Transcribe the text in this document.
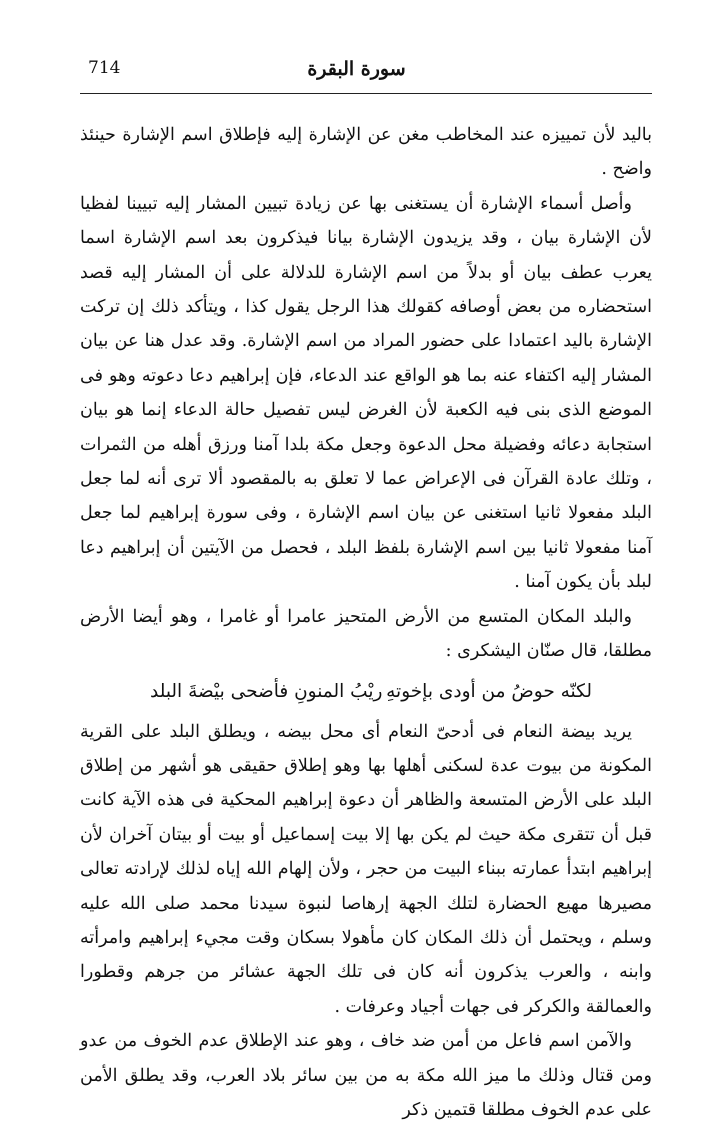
714	سورة البقرة

باليد لأن تمييزه عند المخاطب مغن عن الإشارة إليه فإطلاق اسم الإشارة حينئذ واضح .

وأصل أسماء الإشارة أن يستغنى بها عن زيادة تبيين المشار إليه تبيينا لفظيا لأن الإشارة بيان ، وقد يزيدون الإشارة بيانا فيذكرون بعد اسم الإشارة اسما يعرب عطف بيان أو بدلاً من اسم الإشارة للدلالة على أن المشار إليه قصد استحضاره من بعض أوصافه كقولك هذا الرجل يقول كذا ، ويتأكد ذلك إن تركت الإشارة باليد اعتمادا على حضور المراد من اسم الإشارة. وقد عدل هنا عن بيان المشار إليه اكتفاء عنه بما هو الواقع عند الدعاء، فإن إبراهيم دعا دعوته وهو فى الموضع الذى بنى فيه الكعبة لأن الغرض ليس تفصيل حالة الدعاء إنما هو بيان استجابة دعائه وفضيلة محل الدعوة وجعل مكة بلدا آمنا ورزق أهله من الثمرات ، وتلك عادة القرآن فى الإعراض عما لا تعلق به بالمقصود ألا ترى أنه لما جعل البلد مفعولا ثانيا استغنى عن بيان اسم الإشارة ، وفى سورة إبراهيم لما جعل آمنا مفعولا ثانيا بين اسم الإشارة بلفظ البلد ، فحصل من الآيتين أن إبراهيم دعا لبلد بأن يكون آمنا .

والبلد المكان المتسع من الأرض المتحيز عامرا أو غامرا ، وهو أيضا الأرض مطلقا، قال صنّان اليشكرى :

لكنّه حوضُ من أودى بإخوتهِ
ريْبُ المنونِ فأضحى بيْضةَ البلد

يريد بيضة النعام فى أدحىّ النعام أى محل بيضه ، ويطلق البلد على القرية المكونة من بيوت عدة لسكنى أهلها بها وهو إطلاق حقيقى هو أشهر من إطلاق البلد على الأرض المتسعة والظاهر أن دعوة إبراهيم المحكية فى هذه الآية كانت قبل أن تتقرى مكة حيث لم يكن بها إلا بيت إسماعيل أو بيت أو بيتان آخران لأن إبراهيم ابتدأ عمارته ببناء البيت من حجر ، ولأن إلهام الله إياه لذلك لإرادته تعالى مصيرها مهيع الحضارة لتلك الجهة إرهاصا لنبوة سيدنا محمد صلى الله عليه وسلم ، ويحتمل أن ذلك المكان كان مأهولا بسكان وقت مجيء إبراهيم وامرأته وابنه ، والعرب يذكرون أنه كان فى تلك الجهة عشائر من جرهم وقطورا والعمالقة والكركر فى جهات أجياد وعرفات .

والآمن اسم فاعل من أمن ضد خاف ، وهو عند الإطلاق عدم الخوف من عدو ومن قتال وذلك ما ميز الله مكة به من بين سائر بلاد العرب، وقد يطلق الأمن على عدم الخوف مطلقا قتمين ذكر
